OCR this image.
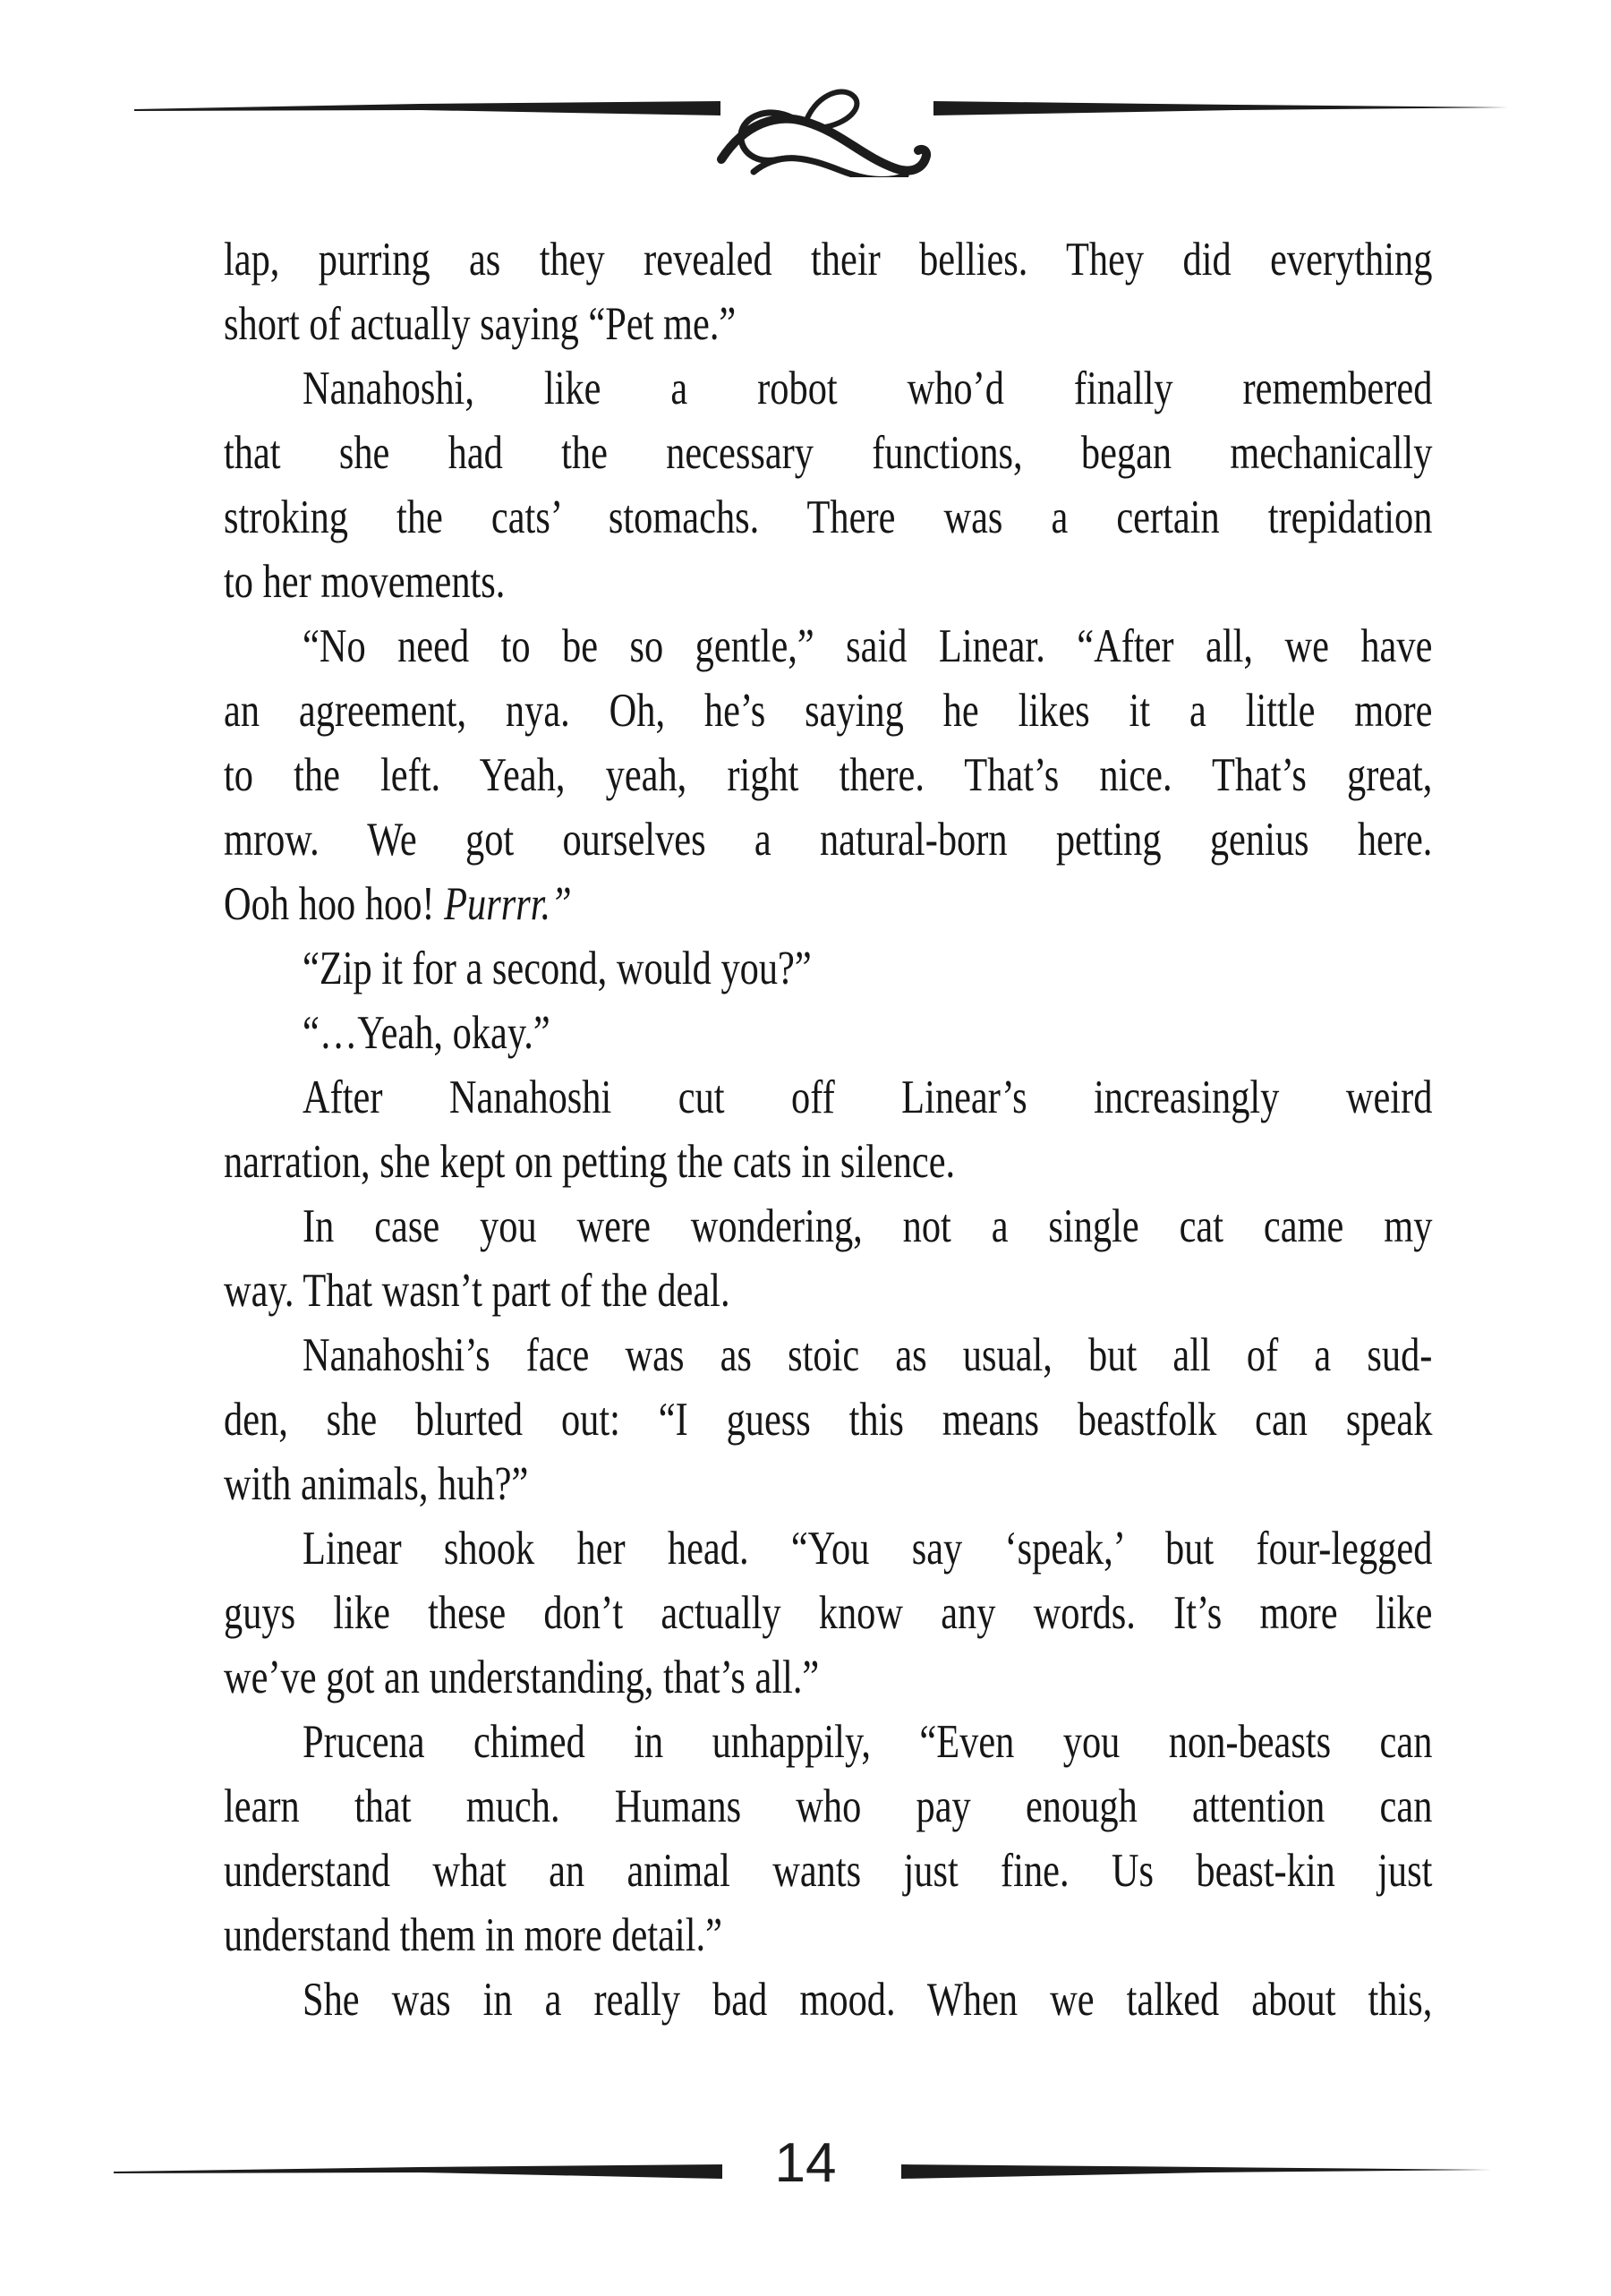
lap, purring as they revealed their bellies. They did everything
short of actually saying “Pet me.”
Nanahoshi, like a robot who’d finally remembered
that she had the necessary functions, began mechanically
stroking the cats’ stomachs. There was a certain trepidation
to her movements.
“No need to be so gentle,” said Linear. “After all, we have
an agreement, nya. Oh, he’s saying he likes it a little more
to the left. Yeah, yeah, right there. That’s nice. That’s great,
mrow. We got ourselves a natural-born petting genius here.
Ooh hoo hoo! Purrrr.”
“Zip it for a second, would you?”
“…Yeah, okay.”
After Nanahoshi cut off Linear’s increasingly weird
narration, she kept on petting the cats in silence.
In case you were wondering, not a single cat came my
way. That wasn’t part of the deal.
Nanahoshi’s face was as stoic as usual, but all of a sud-
den, she blurted out: “I guess this means beastfolk can speak
with animals, huh?”
Linear shook her head. “You say ‘speak,’ but four-legged
guys like these don’t actually know any words. It’s more like
we’ve got an understanding, that’s all.”
Prucena chimed in unhappily, “Even you non-beasts can
learn that much. Humans who pay enough attention can
understand what an animal wants just fine. Us beast-kin just
understand them in more detail.”
She was in a really bad mood. When we talked about this,
14
